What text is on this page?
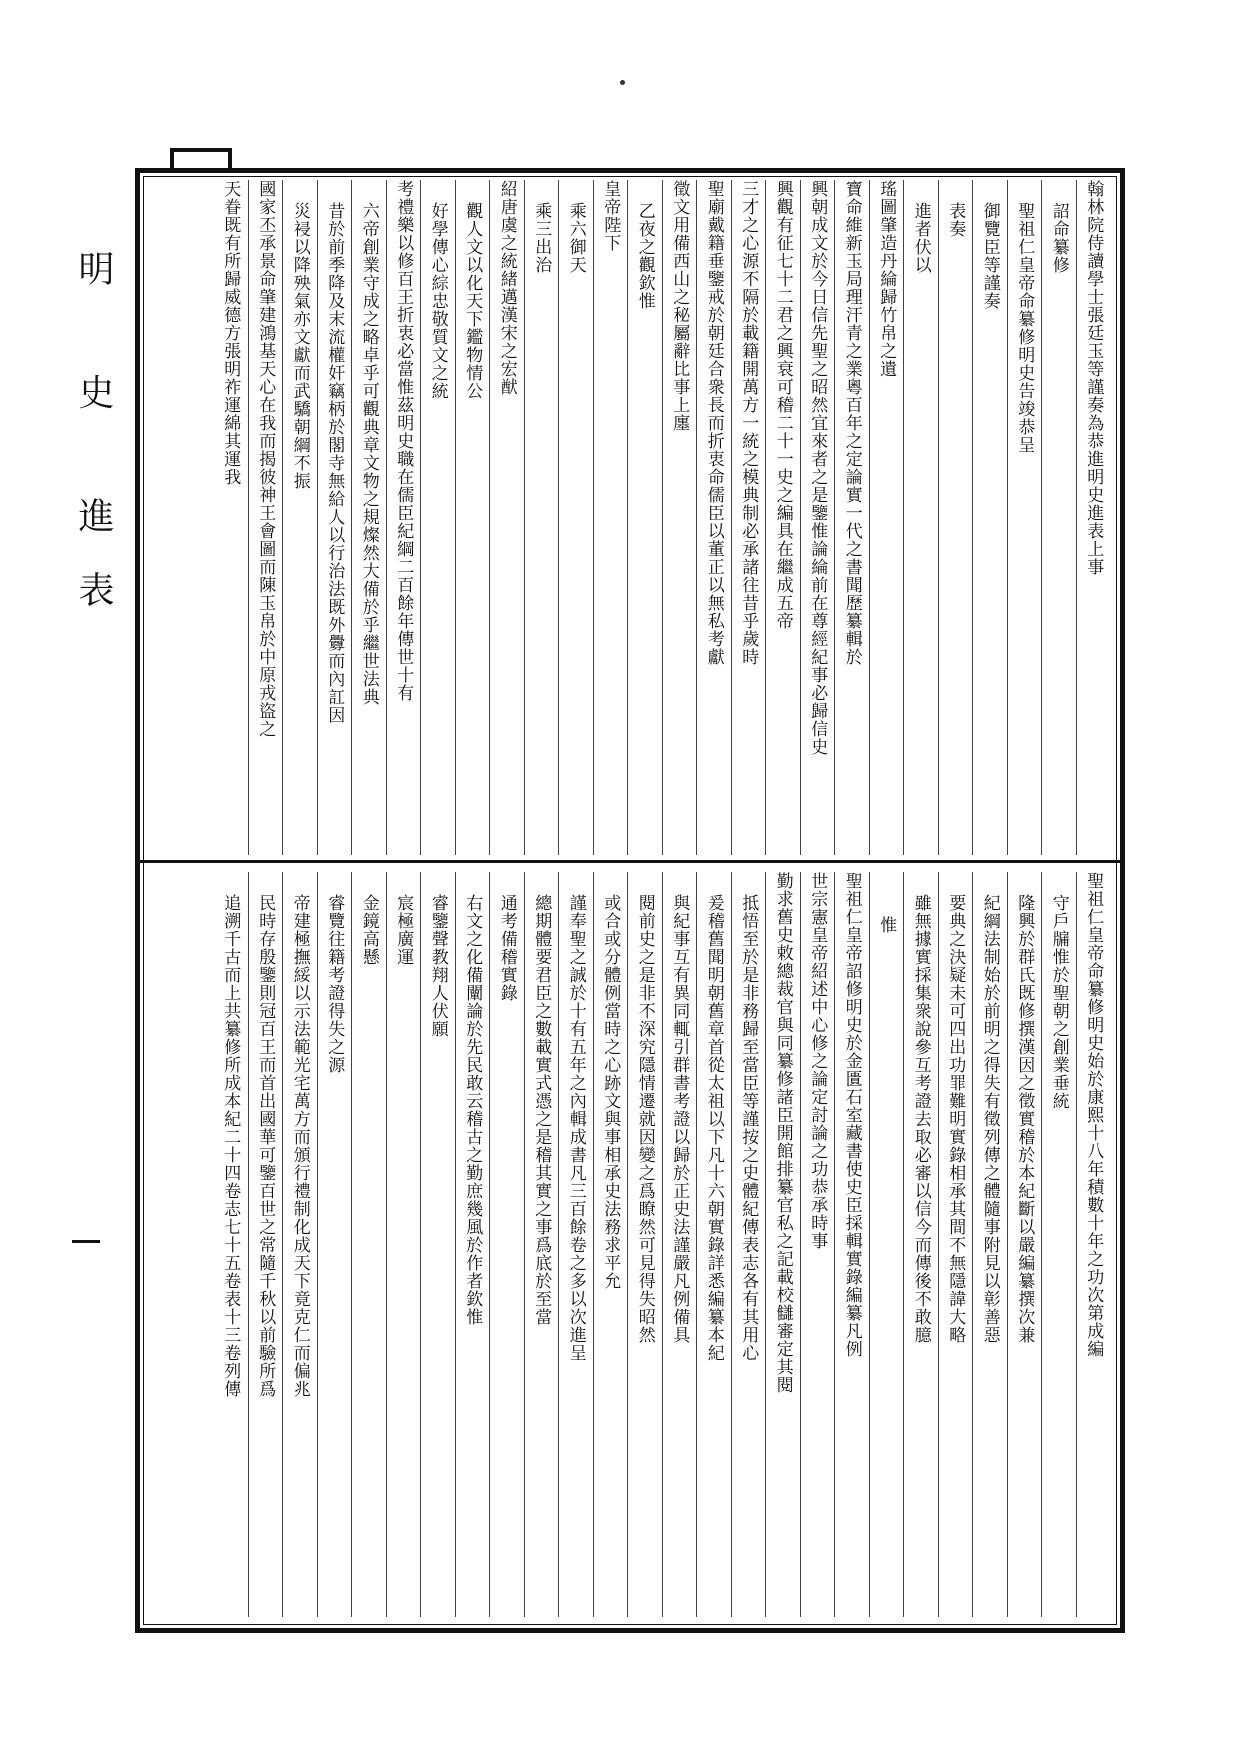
明 史 進表	翰林院侍讀學士張廷玉等謹奏為恭進明史進表上事
詔命纂修
聖祖仁皇帝命纂修明史告竣恭呈
御覽臣等謹奏
表奏
進者伏以
瑤圖肇造丹綸歸竹帛之遺
寶命維新玉局理汗青之業粵百年之定論實一代之書聞歷纂輯於
興朝成文於今日信先聖之昭然宜來者之是鑒惟論綸前在尊經紀事必歸信史
興觀有征七十二君之興衰可稽二十一史之編具在繼成五帝
三才之心源不隔於載籍開萬方一統之模典制必承諸往昔乎歲時
聖廟戴籍垂鑒戒於朝廷合衆長而折衷命儒臣以董正以無私考獻
徵文用備西山之秘屬辭比事上廛
乙夜之觀欽惟
皇帝陛下
乘六御天
乘三出治
紹唐虞之統緒邁漢宋之宏猷
觀人文以化天下鑑物情公
好學傳心綜忠敬質文之統
考禮樂以修百王折衷必當惟茲明史職在儒臣紀綱二百餘年傳世十有
六帝創業守成之略卓乎可觀典章文物之規燦然大備於乎繼世法典
昔於前季降及末流權奸竊柄於閣寺無給人以行治法既外釁而內訌因
災祲以降殃氣亦文獻而武驕朝綱不振
國家丕承景命肇建鴻基天心在我而揭彼神王會圖而陳玉帛於中原戎盜之
天眷既有所歸威德方張明祚運綿其運我
聖祖仁皇帝命纂修明史始於康熙十八年積數十年之功次第成編
守戶牖惟於聖朝之創業垂統
隆興於群氏既修撰漢因之徵實稽於本紀斷以嚴編纂撰次兼
紀綱法制始於前明之得失有徵列傳之體隨事附見以彰善惡
要典之決疑未可四出功罪難明實錄相承其間不無隱諱大略
雖無據實採集衆說參互考證去取必審以信今而傳後不敢臆
惟
聖祖仁皇帝詔修明史於金匱石室藏書使史臣採輯實錄編纂凡例
世宗憲皇帝紹述中心修之論定討論之功恭承時事
勤求舊史敕總裁官與同纂修諸臣開館排纂官私之記載校讎審定其閱
抵悟至於是非務歸至當臣等謹按之史體紀傳表志各有其用心
爰稽舊聞明朝舊章首從太祖以下凡十六朝實錄詳悉編纂本紀
與紀事互有異同輒引群書考證以歸於正史法謹嚴凡例備具
閱前史之是非不深究隱情遷就因變之爲瞭然可見得失昭然
或合或分體例當時之心跡文與事相承史法務求平允
謹奉聖之誠於十有五年之內輯成書凡三百餘卷之多以次進呈
總期體要君臣之數載實式憑之是稽其實之事爲底於至當
通考備稽實錄
右文之化備闡論於先民敢云稽古之勤庶幾風於作者欽惟
睿鑒聲教翔人伏願
宸極廣運
金鏡高懸
睿覽往籍考證得失之源
帝建極撫綏以示法範光宅萬方而頒行禮制化成天下竟克仁而偏兆
民時存殷鑒則冠百王而首出國華可鑒百世之常隨千秋以前驗所爲
追溯千古而上共纂修所成本紀二十四卷志七十五卷表十三卷列傳
